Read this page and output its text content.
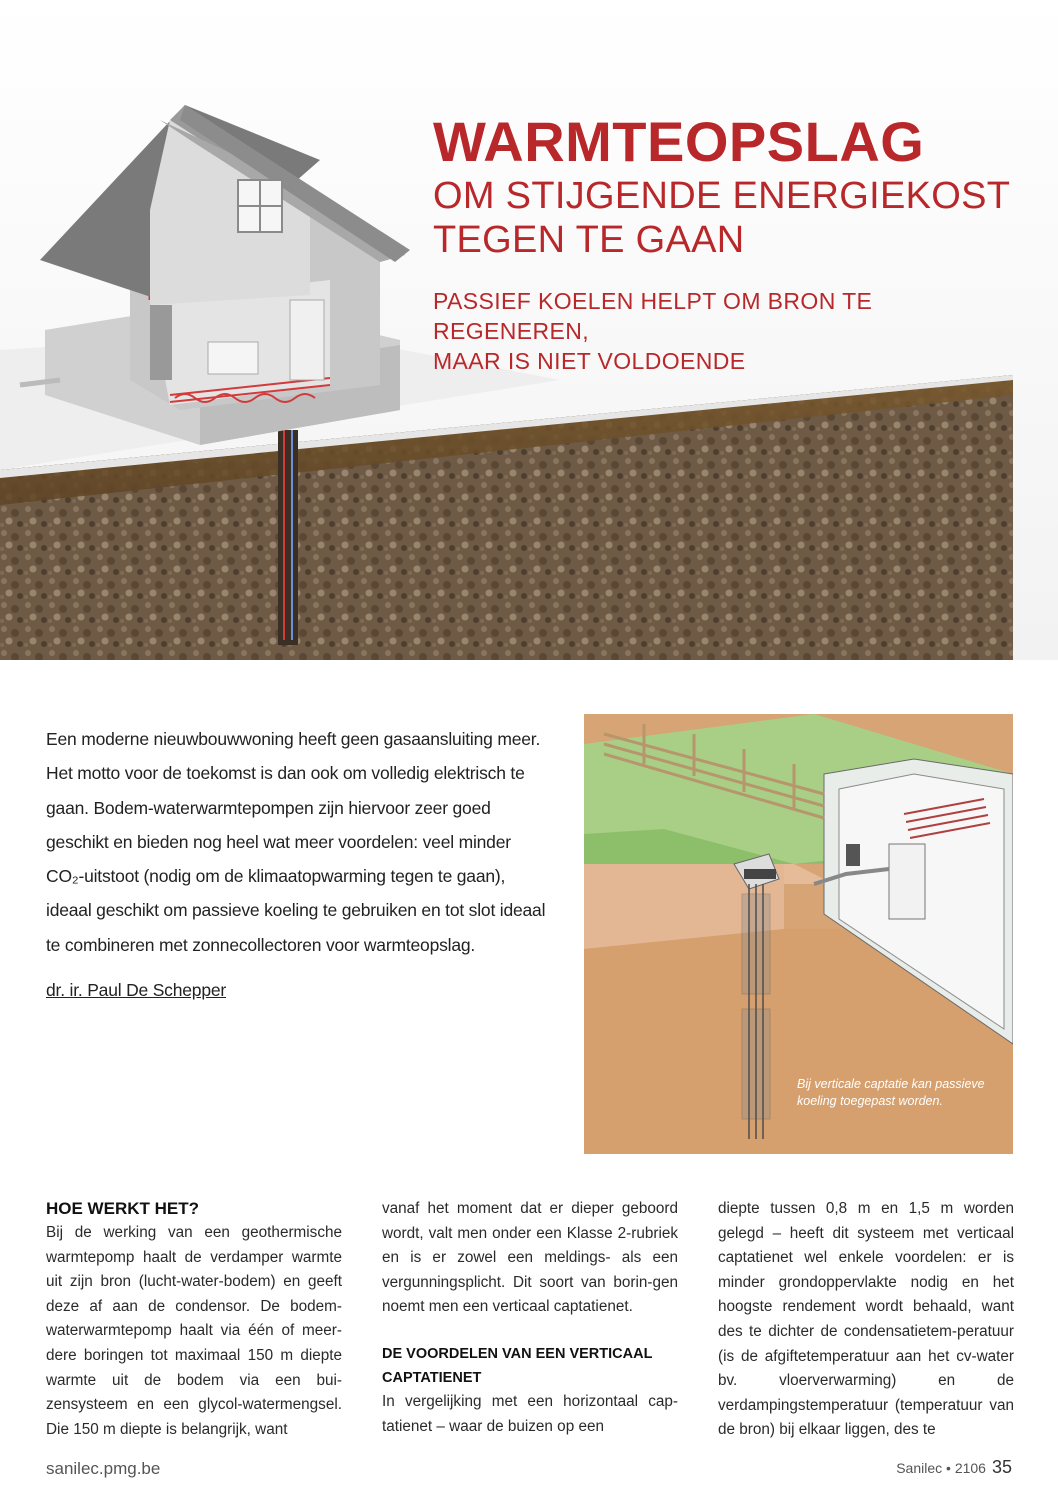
WARMTEOPSLAG
OM STIJGENDE ENERGIEKOST
TEGEN TE GAAN
PASSIEF KOELEN HELPT OM BRON TE REGENEREN,
MAAR IS NIET VOLDOENDE

Een moderne nieuwbouwwoning heeft geen gasaansluiting meer. Het motto voor de toekomst is dan ook om volledig elektrisch te gaan. Bodem-waterwarmtepompen zijn hiervoor zeer goed geschikt en bieden nog heel wat meer voordelen: veel minder CO₂-uitstoot (nodig om de klimaatopwarming tegen te gaan), ideaal geschikt om passieve koeling te gebruiken en tot slot ideaal te combineren met zonnecollectoren voor warmteopslag.

dr. ir. Paul De Schepper
Bij verticale captatie kan passieve koeling toegepast worden.
HOE WERKT HET?

Bij de werking van een geothermische warmtepomp haalt de verdamper warmte uit zijn bron (lucht-water-bodem) en geeft deze af aan de condensor. De bodem-waterwarmtepomp haalt via één of meer-dere boringen tot maximaal 150 m diepte warmte uit de bodem via een bui-zensysteem en een glycol-watermengsel. Die 150 m diepte is belangrijk, want

vanaf het moment dat er dieper geboord wordt, valt men onder een Klasse 2-rubriek en is er zowel een meldings- als een vergunningsplicht. Dit soort van borin-gen noemt men een verticaal captatienet.

DE VOORDELEN VAN EEN VERTICAAL CAPTATIENET

In vergelijking met een horizontaal cap-tatienet – waar de buizen op een

diepte tussen 0,8 m en 1,5 m worden gelegd – heeft dit systeem met verticaal captatienet wel enkele voordelen: er is minder grondoppervlakte nodig en het hoogste rendement wordt behaald, want des te dichter de condensatietem-peratuur (is de afgiftetemperatuur aan het cv-water bv. vloerverwarming) en de verdampingstemperatuur (temperatuur van de bron) bij elkaar liggen, des te

sanilec.pmg.be	Sanilec • 2106 35
